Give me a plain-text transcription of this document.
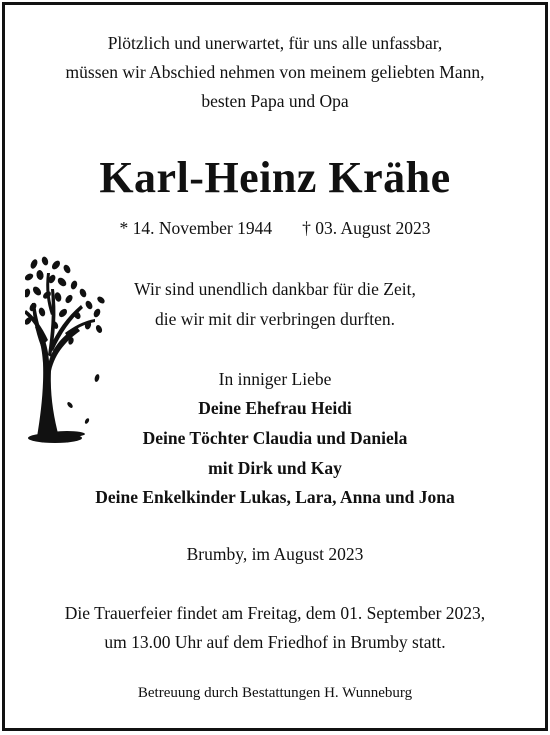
Plötzlich und unerwartet, für uns alle unfassbar,
müssen wir Abschied nehmen von meinem geliebten Mann,
besten Papa und Opa
Karl-Heinz Krähe
* 14. November 1944 † 03. August 2023
Wir sind unendlich dankbar für die Zeit,
die wir mit dir verbringen durften.
In inniger Liebe
Deine Ehefrau Heidi
Deine Töchter Claudia und Daniela
mit Dirk und Kay
Deine Enkelkinder Lukas, Lara, Anna und Jona
Brumby, im August 2023
Die Trauerfeier findet am Freitag, dem 01. September 2023,
um 13.00 Uhr auf dem Friedhof in Brumby statt.
Betreuung durch Bestattungen H. Wunneburg
